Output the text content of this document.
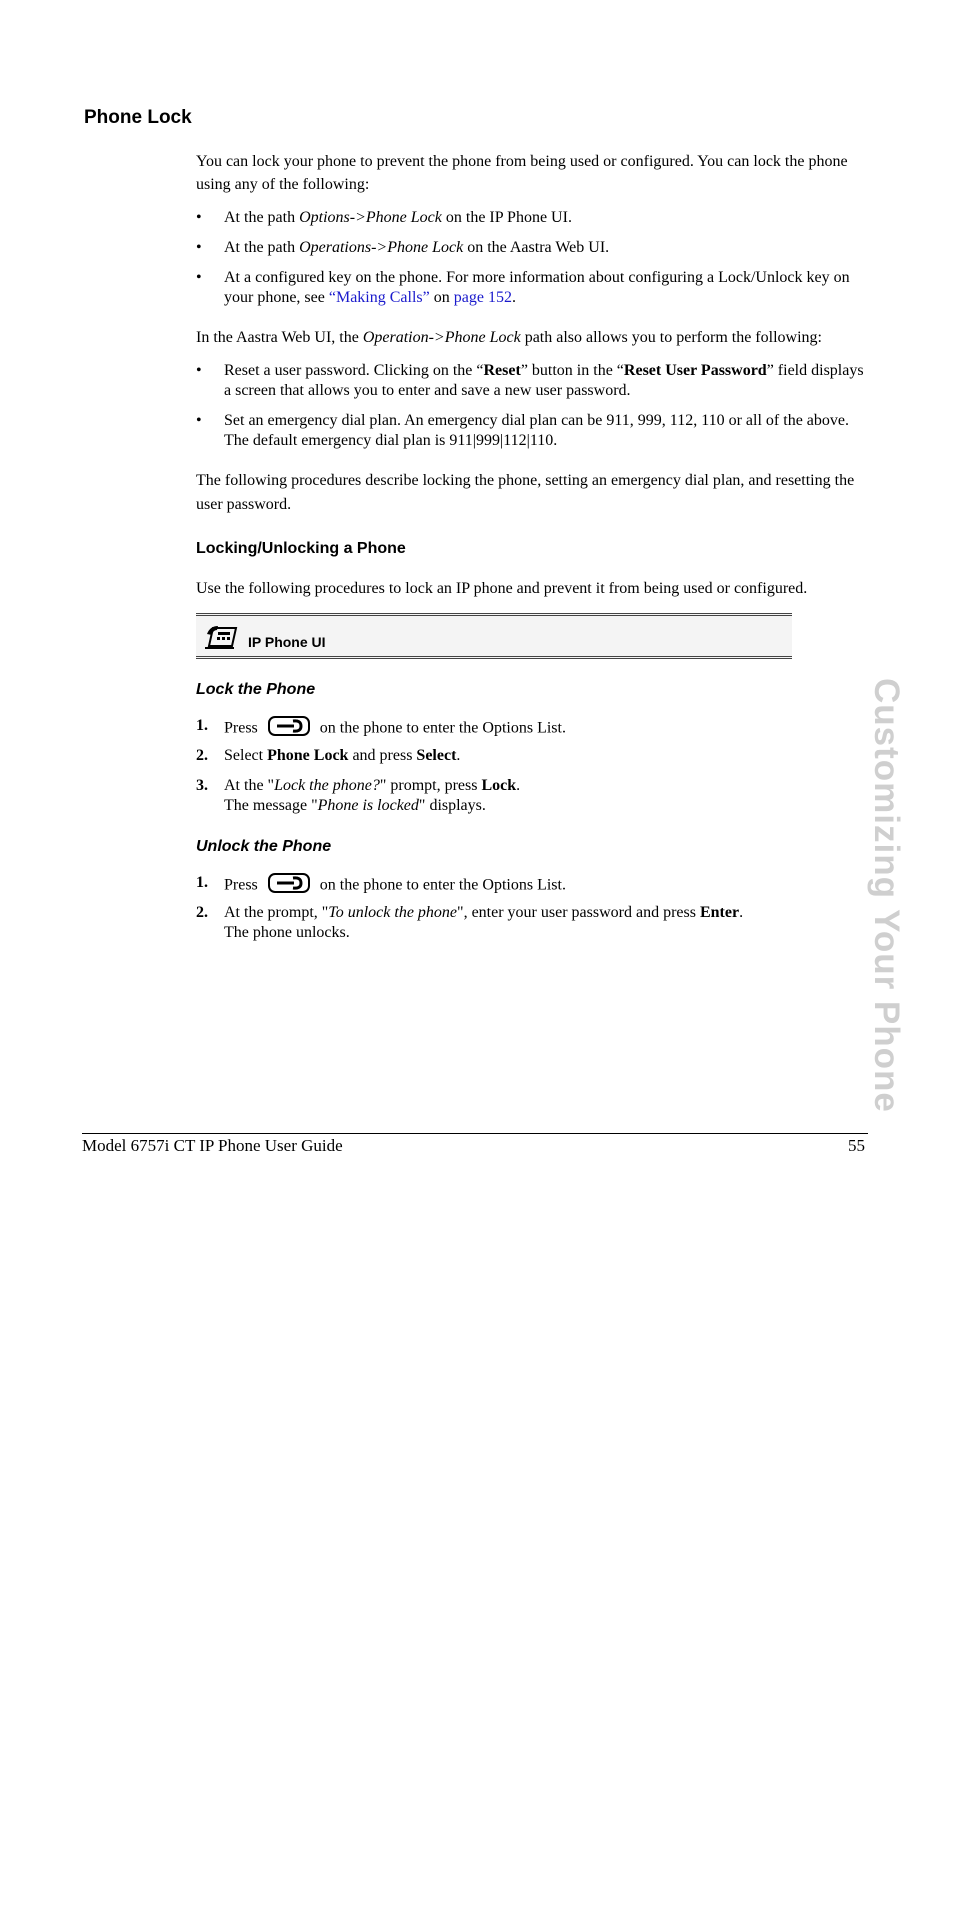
Phone Lock
You can lock your phone to prevent the phone from being used or configured. You can lock the phone using any of the following:
• At the path Options->Phone Lock on the IP Phone UI.
• At the path Operations->Phone Lock on the Aastra Web UI.
• At a configured key on the phone. For more information about configuring a Lock/Unlock key on your phone, see “Making Calls” on page 152.
In the Aastra Web UI, the Operation->Phone Lock path also allows you to perform the following:
• Reset a user password. Clicking on the “Reset” button in the “Reset User Password” field displays a screen that allows you to enter and save a new user password.
• Set an emergency dial plan. An emergency dial plan can be 911, 999, 112, 110 or all of the above. The default emergency dial plan is 911|999|112|110.
The following procedures describe locking the phone, setting an emergency dial plan, and resetting the user password.
Locking/Unlocking a Phone
Use the following procedures to lock an IP phone and prevent it from being used or configured.
IP Phone UI
Lock the Phone
1. Press	on the phone to enter the Options List.
2. Select Phone Lock and press Select.
3. At the "Lock the phone?" prompt, press Lock.
The message "Phone is locked" displays.
Unlock the Phone
1. Press	on the phone to enter the Options List.
2. At the prompt, "To unlock the phone", enter your user password and press Enter.
The phone unlocks.	Customizing Your Phone
Model 6757i CT IP Phone User Guide	55
